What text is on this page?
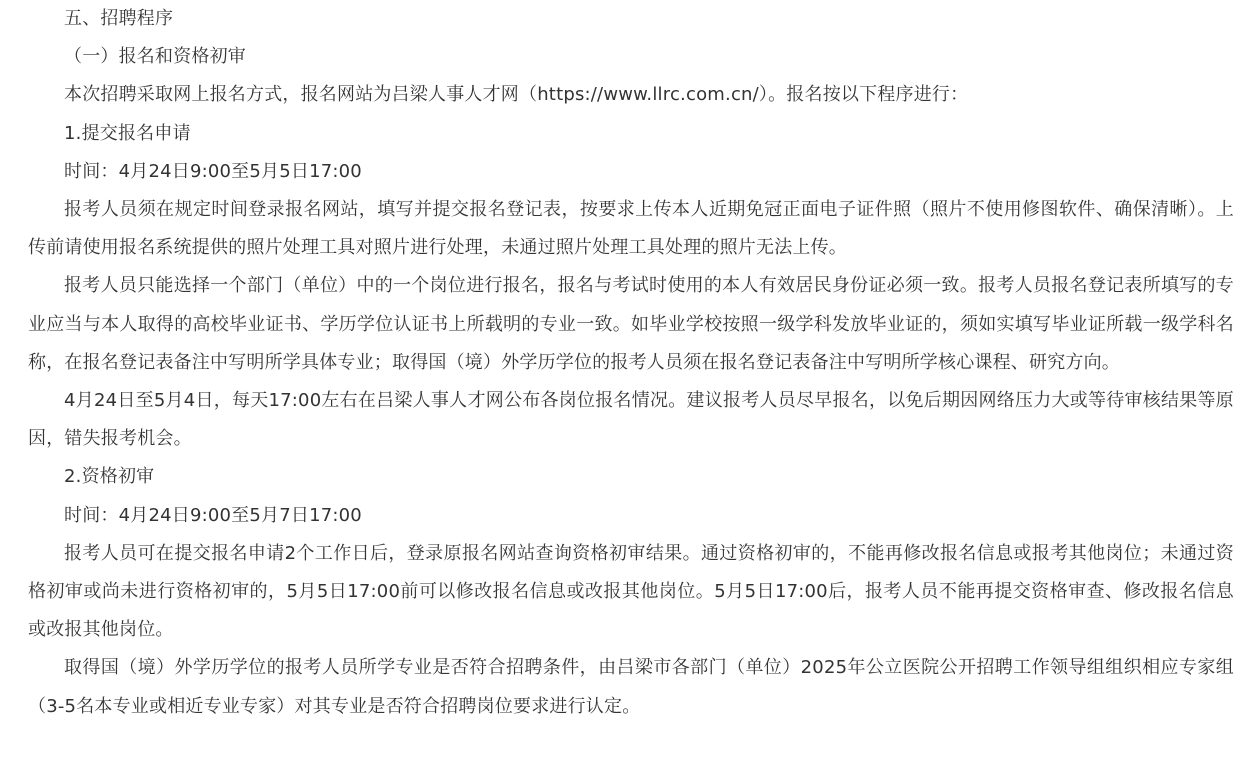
五、招聘程序

（一）报名和资格初审

本次招聘采取网上报名方式，报名网站为吕梁人事人才网（https://www.llrc.com.cn/）。报名按以下程序进行：

1.提交报名申请

时间：4月24日9:00至5月5日17:00

报考人员须在规定时间登录报名网站，填写并提交报名登记表，按要求上传本人近期免冠正面电子证件照（照片不使用修图软件、确保清晰）。上传前请使用报名系统提供的照片处理工具对照片进行处理，未通过照片处理工具处理的照片无法上传。

报考人员只能选择一个部门（单位）中的一个岗位进行报名，报名与考试时使用的本人有效居民身份证必须一致。报考人员报名登记表所填写的专业应当与本人取得的高校毕业证书、学历学位认证书上所载明的专业一致。如毕业学校按照一级学科发放毕业证的，须如实填写毕业证所载一级学科名称，在报名登记表备注中写明所学具体专业；取得国（境）外学历学位的报考人员须在报名登记表备注中写明所学核心课程、研究方向。

4月24日至5月4日，每天17:00左右在吕梁人事人才网公布各岗位报名情况。建议报考人员尽早报名，以免后期因网络压力大或等待审核结果等原因，错失报考机会。

2.资格初审

时间：4月24日9:00至5月7日17:00

报考人员可在提交报名申请2个工作日后，登录原报名网站查询资格初审结果。通过资格初审的，不能再修改报名信息或报考其他岗位；未通过资格初审或尚未进行资格初审的，5月5日17:00前可以修改报名信息或改报其他岗位。5月5日17:00后，报考人员不能再提交资格审查、修改报名信息或改报其他岗位。

取得国（境）外学历学位的报考人员所学专业是否符合招聘条件，由吕梁市各部门（单位）2025年公立医院公开招聘工作领导组组织相应专家组（3-5名本专业或相近专业专家）对其专业是否符合招聘岗位要求进行认定。
